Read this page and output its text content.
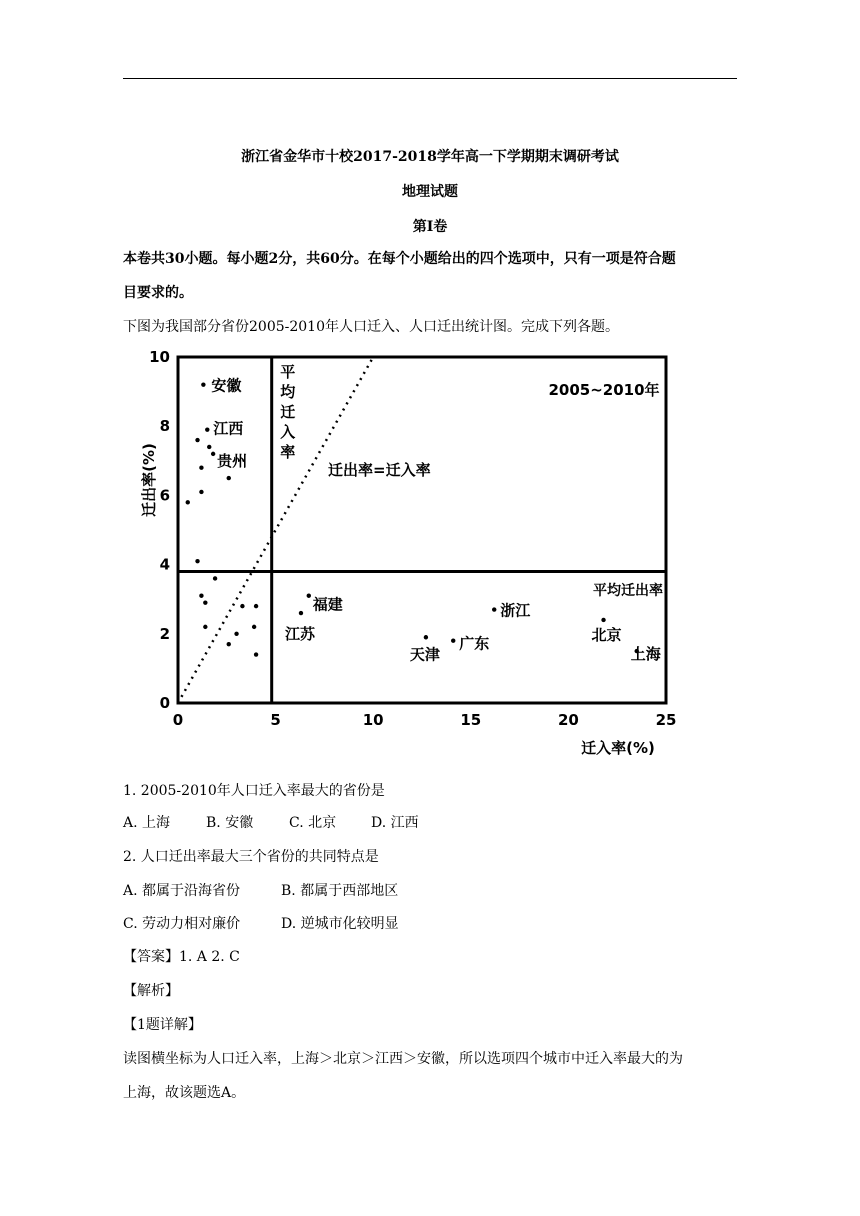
浙江省金华市十校2017-2018学年高一下学期期末调研考试
地理试题
第Ⅰ卷
本卷共30小题。每小题2分，共60分。在每个小题给出的四个选项中，只有一项是符合题
目要求的。
下图为我国部分省份2005-2010年人口迁入、人口迁出统计图。完成下列各题。
0	5	10	15	20	25
0
2
4
6
8
10
安徽
江西
贵州
福建
江苏
天津
广东
浙江
北京
上海
2005~2010年
迁入率(%)
迁出率(%)	迁出率=迁入率
平均迁出率
平
均
迁
入
率
1. 2005-2010年人口迁入率最大的省份是
A. 上海	B. 安徽	C. 北京 D. 江西
2. 人口迁出率最大三个省份的共同特点是
A. 都属于沿海省份	B. 都属于西部地区
C. 劳动力相对廉价	D. 逆城市化较明显
【答案】1. A 2. C
【解析】
【1题详解】
读图横坐标为人口迁入率，上海＞北京＞江西＞安徽，所以选项四个城市中迁入率最大的为
上海，故该题选A。
